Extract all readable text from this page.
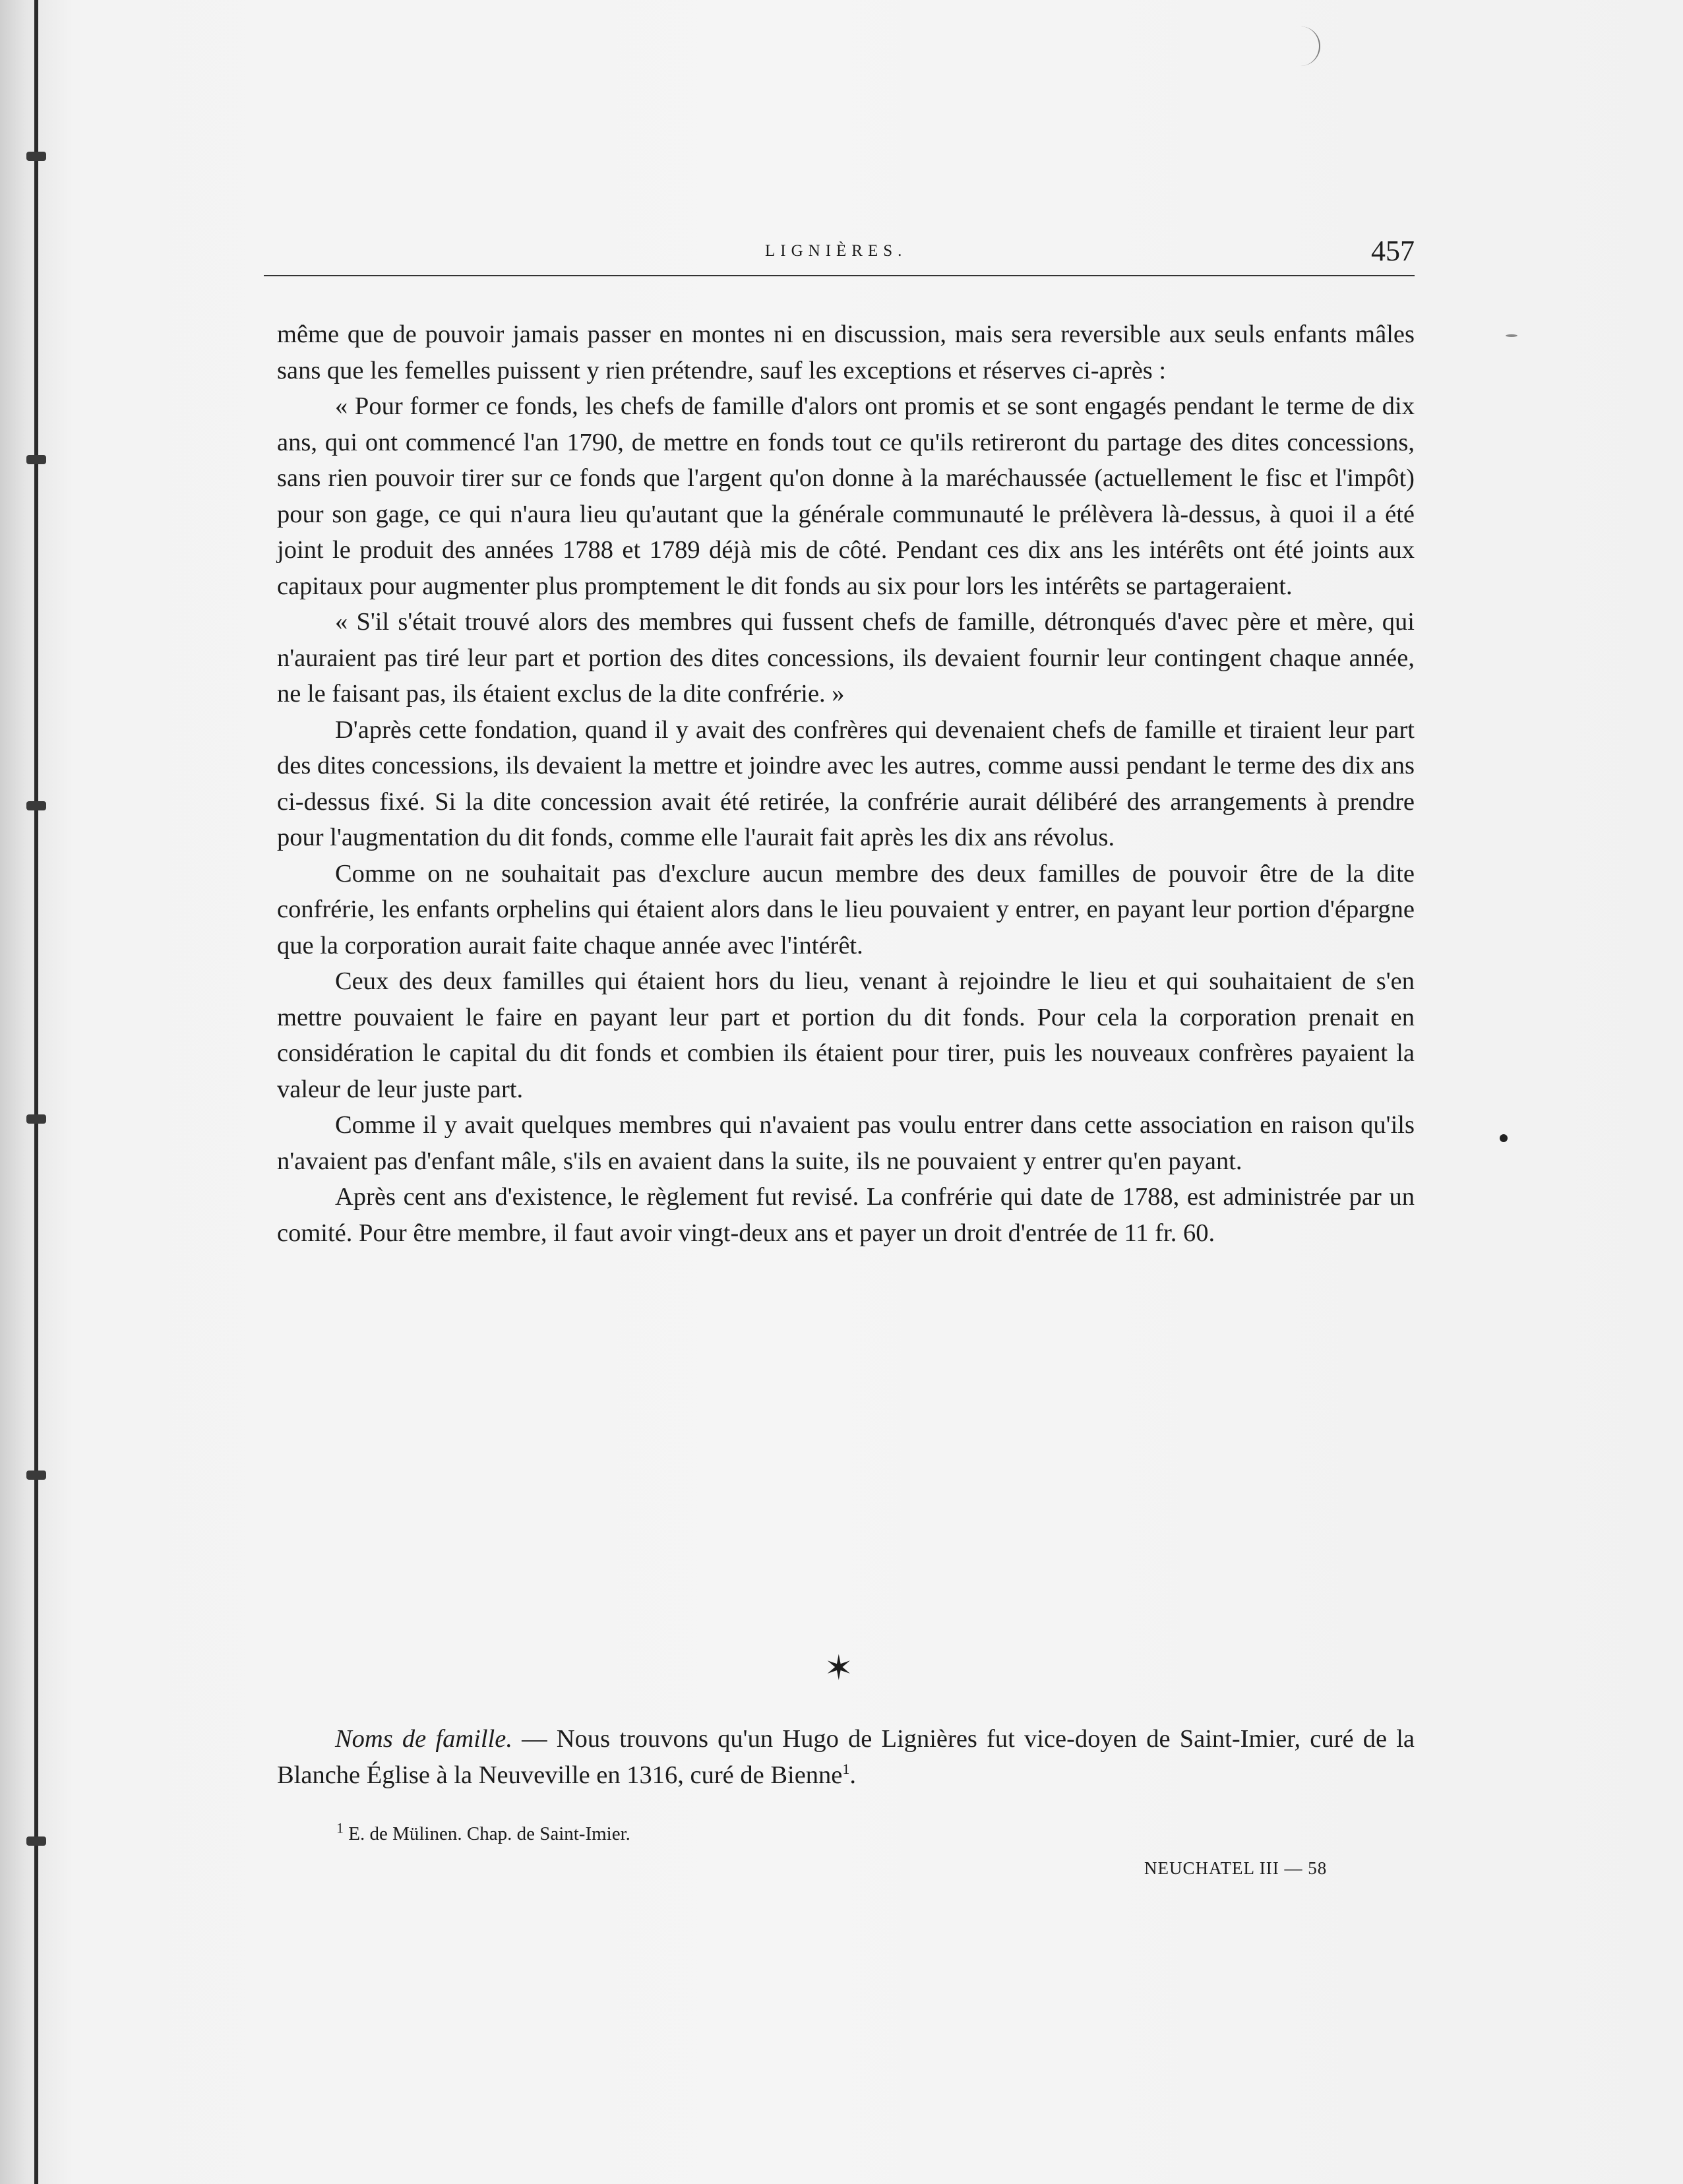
LIGNIÈRES.	457

même que de pouvoir jamais passer en montes ni en discussion, mais sera reversible aux seuls enfants mâles sans que les femelles puissent y rien prétendre, sauf les exceptions et réserves ci-après :

« Pour former ce fonds, les chefs de famille d'alors ont promis et se sont engagés pendant le terme de dix ans, qui ont commencé l'an 1790, de mettre en fonds tout ce qu'ils retireront du partage des dites concessions, sans rien pouvoir tirer sur ce fonds que l'argent qu'on donne à la maréchaussée (actuellement le fisc et l'impôt) pour son gage, ce qui n'aura lieu qu'autant que la générale communauté le prélèvera là-dessus, à quoi il a été joint le produit des années 1788 et 1789 déjà mis de côté. Pendant ces dix ans les intérêts ont été joints aux capitaux pour augmenter plus promptement le dit fonds au six pour lors les intérêts se partageraient.

« S'il s'était trouvé alors des membres qui fussent chefs de famille, détronqués d'avec père et mère, qui n'auraient pas tiré leur part et portion des dites concessions, ils devaient fournir leur contingent chaque année, ne le faisant pas, ils étaient exclus de la dite confrérie. »

D'après cette fondation, quand il y avait des confrères qui devenaient chefs de famille et tiraient leur part des dites concessions, ils devaient la mettre et joindre avec les autres, comme aussi pendant le terme des dix ans ci-dessus fixé. Si la dite concession avait été retirée, la confrérie aurait délibéré des arrangements à prendre pour l'augmentation du dit fonds, comme elle l'aurait fait après les dix ans révolus.

Comme on ne souhaitait pas d'exclure aucun membre des deux familles de pouvoir être de la dite confrérie, les enfants orphelins qui étaient alors dans le lieu pouvaient y entrer, en payant leur portion d'épargne que la corporation aurait faite chaque année avec l'intérêt.

Ceux des deux familles qui étaient hors du lieu, venant à rejoindre le lieu et qui souhaitaient de s'en mettre pouvaient le faire en payant leur part et portion du dit fonds. Pour cela la corporation prenait en considération le capital du dit fonds et combien ils étaient pour tirer, puis les nouveaux confrères payaient la valeur de leur juste part.

Comme il y avait quelques membres qui n'avaient pas voulu entrer dans cette association en raison qu'ils n'avaient pas d'enfant mâle, s'ils en avaient dans la suite, ils ne pouvaient y entrer qu'en payant.

Après cent ans d'existence, le règlement fut revisé. La confrérie qui date de 1788, est administrée par un comité. Pour être membre, il faut avoir vingt-deux ans et payer un droit d'entrée de 11 fr. 60.

✶

Noms de famille. — Nous trouvons qu'un Hugo de Lignières fut vice-doyen de Saint-Imier, curé de la Blanche Église à la Neuveville en 1316, curé de Bienne$^1$.

$^1$ E. de Mülinen. Chap. de Saint-Imier.
NEUCHATEL III — 58
